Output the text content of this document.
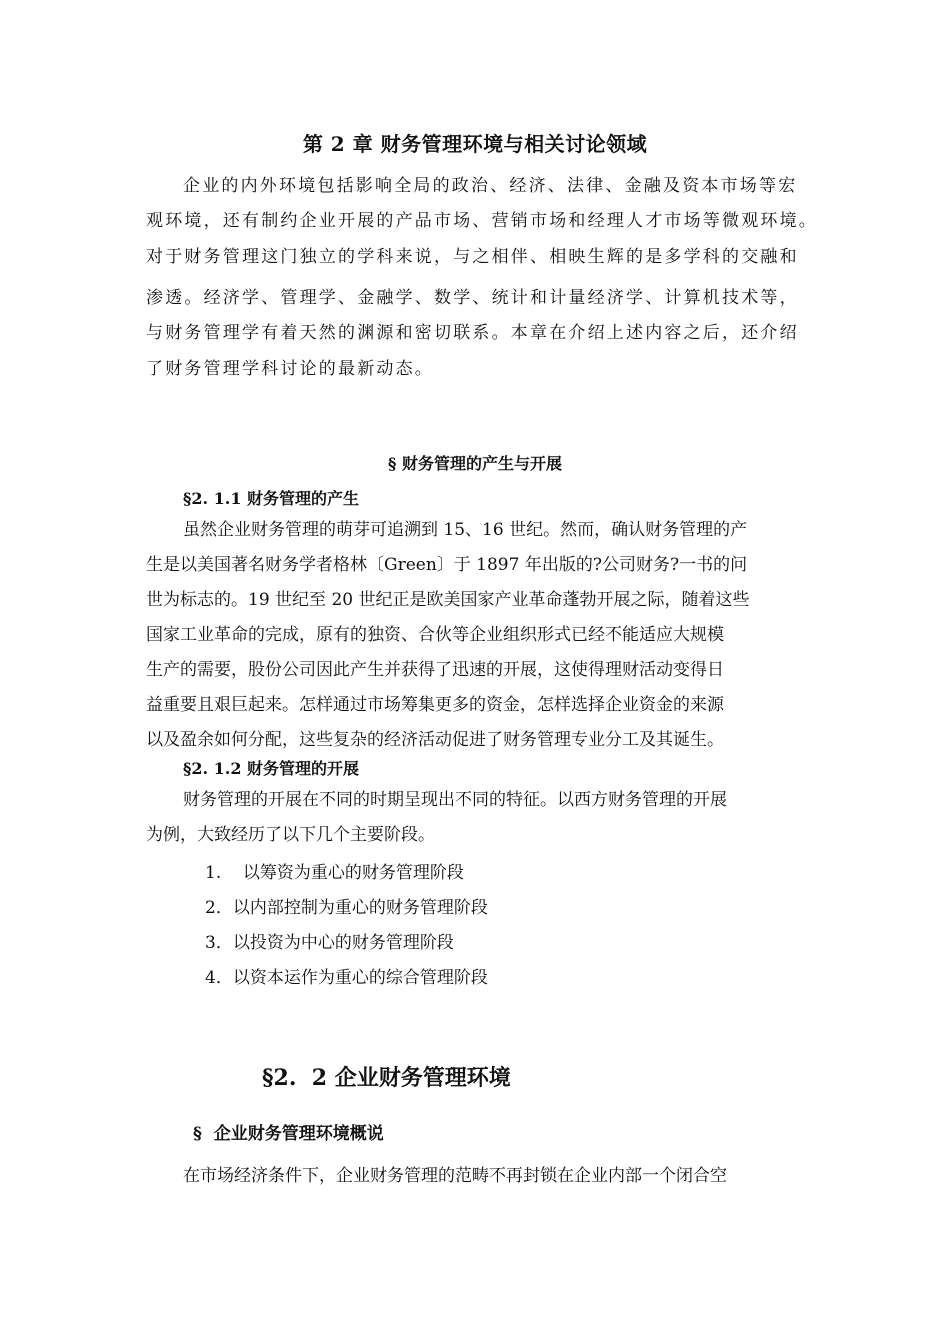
第 2 章 财务管理环境与相关讨论领域
企业的内外环境包括影响全局的政治、经济、法律、金融及资本市场等宏
观环境，还有制约企业开展的产品市场、营销市场和经理人才市场等微观环境。
对于财务管理这门独立的学科来说，与之相伴、相映生辉的是多学科的交融和
渗透。经济学、管理学、金融学、数学、统计和计量经济学、计算机技术等，
与财务管理学有着天然的渊源和密切联系。本章在介绍上述内容之后，还介绍
了财务管理学科讨论的最新动态。
§ 财务管理的产生与开展
§2. 1.1 财务管理的产生
虽然企业财务管理的萌芽可追溯到 15、16 世纪。然而，确认财务管理的产
生是以美国著名财务学者格林〔Green〕于 1897 年出版的?公司财务?一书的问
世为标志的。19 世纪至 20 世纪正是欧美国家产业革命蓬勃开展之际，随着这些
国家工业革命的完成，原有的独资、合伙等企业组织形式已经不能适应大规模
生产的需要，股份公司因此产生并获得了迅速的开展，这使得理财活动变得日
益重要且艰巨起来。怎样通过市场筹集更多的资金，怎样选择企业资金的来源
以及盈余如何分配，这些复杂的经济活动促进了财务管理专业分工及其诞生。
§2. 1.2 财务管理的开展
财务管理的开展在不同的时期呈现出不同的特征。以西方财务管理的开展
为例，大致经历了以下几个主要阶段。
1.    以筹资为重心的财务管理阶段
2．以内部控制为重心的财务管理阶段
3．以投资为中心的财务管理阶段
4．以资本运作为重心的综合管理阶段
§2.  2 企业财务管理环境
§  企业财务管理环境概说
在市场经济条件下，企业财务管理的范畴不再封锁在企业内部一个闭合空
